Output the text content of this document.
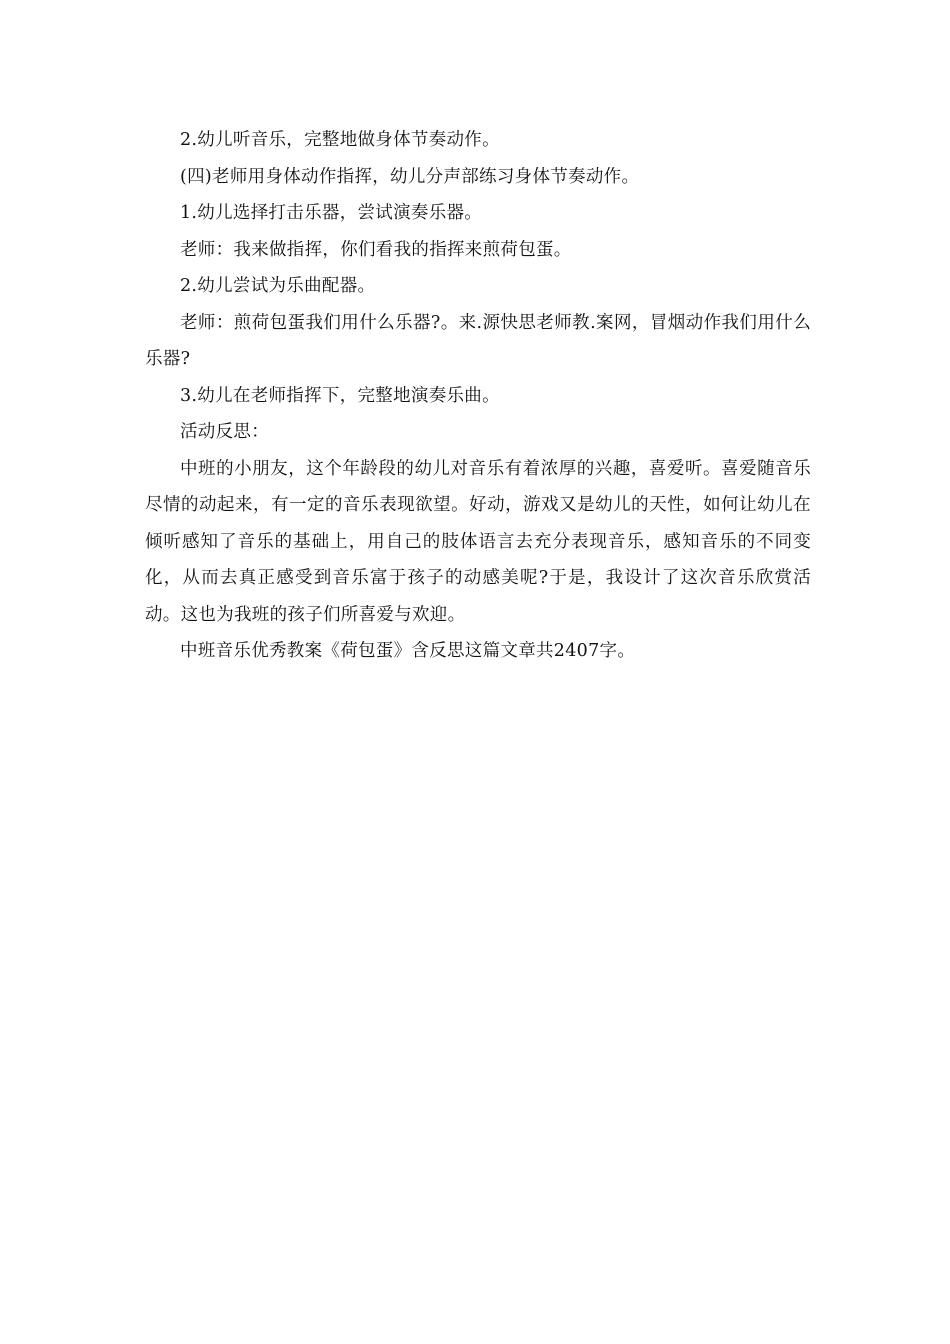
2.幼儿听音乐，完整地做身体节奏动作。

(四)老师用身体动作指挥，幼儿分声部练习身体节奏动作。

1.幼儿选择打击乐器，尝试演奏乐器。

老师：我来做指挥，你们看我的指挥来煎荷包蛋。

2.幼儿尝试为乐曲配器。

老师：煎荷包蛋我们用什么乐器?。来.源快思老师教.案网，冒烟动作我们用什么乐器?

3.幼儿在老师指挥下，完整地演奏乐曲。

活动反思：

中班的小朋友，这个年龄段的幼儿对音乐有着浓厚的兴趣，喜爱听。喜爱随音乐尽情的动起来，有一定的音乐表现欲望。好动，游戏又是幼儿的天性，如何让幼儿在倾听感知了音乐的基础上，用自己的肢体语言去充分表现音乐，感知音乐的不同变化，从而去真正感受到音乐富于孩子的动感美呢?于是，我设计了这次音乐欣赏活动。这也为我班的孩子们所喜爱与欢迎。

中班音乐优秀教案《荷包蛋》含反思这篇文章共2407字。
